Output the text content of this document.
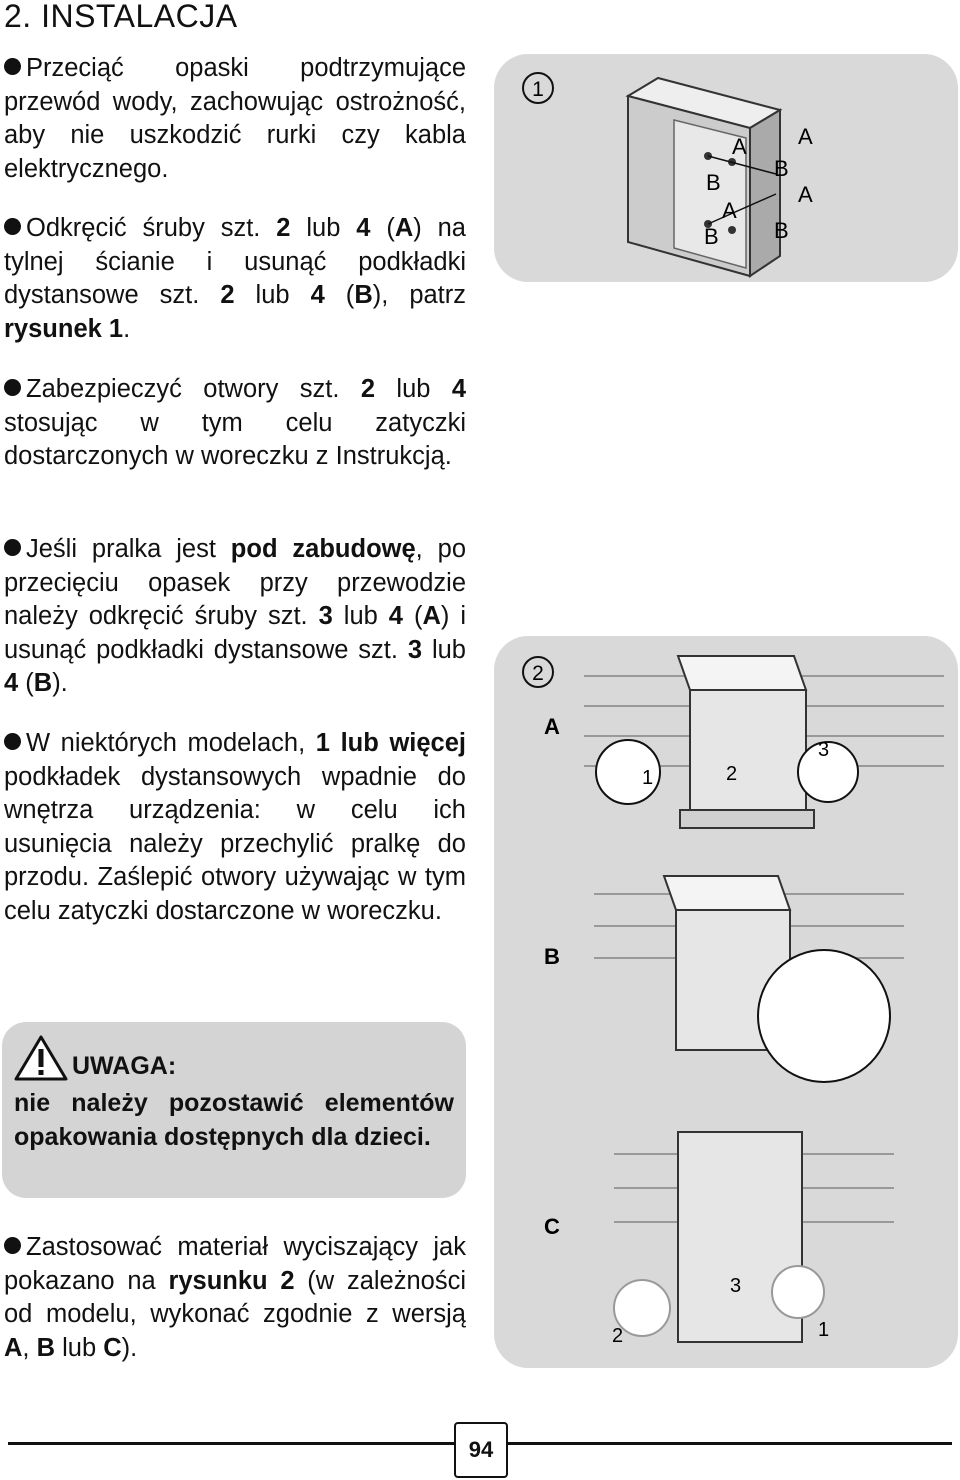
2. INSTALACJA
Przeciąć opaski podtrzymujące przewód wody, zachowując ostrożność, aby nie uszkodzić rurki czy kabla elektrycznego.
Odkręcić śruby szt. 2 lub 4 (A) na tylnej ścianie i usunąć podkładki dystansowe szt. 2 lub 4 (B), patrz rysunek 1.
Zabezpieczyć otwory szt. 2 lub 4 stosując w tym celu zatyczki dostarczonych w woreczku z Instrukcją.
Jeśli pralka jest pod zabudowę, po przecięciu opasek przy przewodzie należy odkręcić śruby szt. 3 lub 4 (A) i usunąć podkładki dystansowe szt. 3 lub 4 (B).
W niektórych modelach, 1 lub więcej podkładek dystansowych wpadnie do wnętrza urządzenia: w celu ich usunięcia należy przechylić pralkę do przodu. Zaślepić otwory używając w tym celu zatyczki dostarczone w woreczku.
UWAGA:
nie należy pozostawić elementów opakowania dostępnych dla dzieci.
Zastosować materiał wyciszający jak pokazano na rysunku 2 (w zależności od modelu, wykonać zgodnie z wersją A, B lub C).
1
A
B
A
B
A
B
A
B
2
A
1	2
3
B
C
3
2	1
94
